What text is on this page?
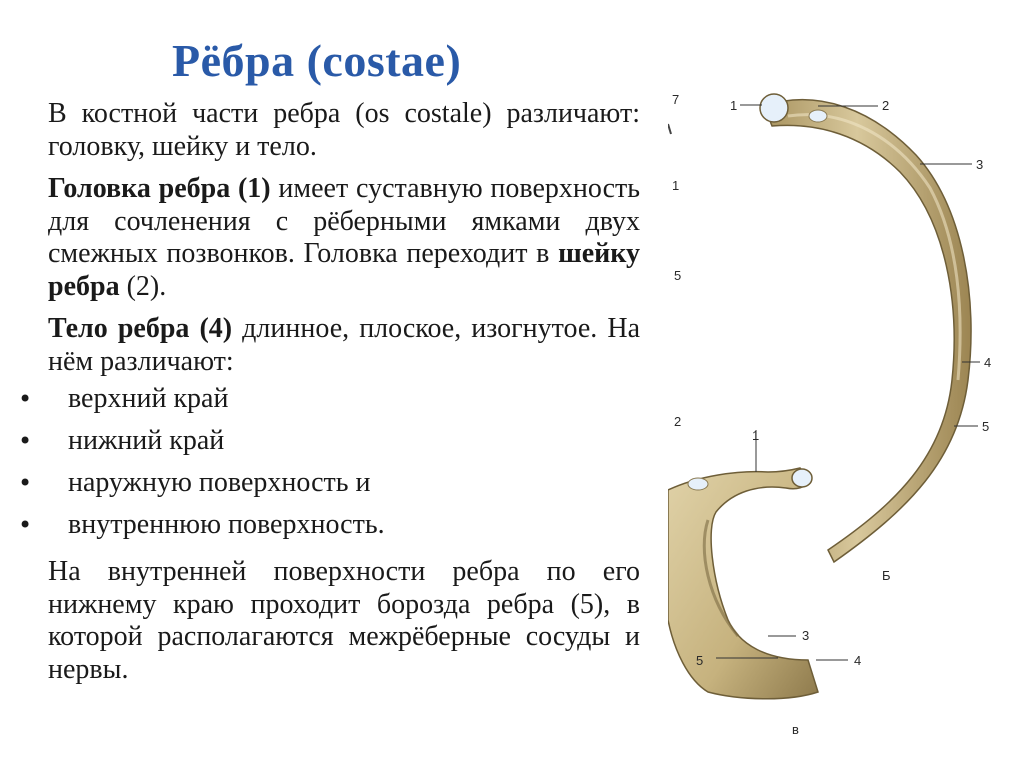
Рёбра (costae)

В костной части ребра (os costale) различают: головку, шейку и тело.

Головка ребра (1) имеет суставную поверхность для сочленения с рёберными ямками двух смежных позвонков. Головка переходит в шейку ребра (2).

Тело ребра (4) длинное, плоское, изогнутое. На нём различают:

• верхний край
• нижний край
• наружную поверхность и
• внутреннюю поверхность.

На внутренней поверхности ребра по его нижнему краю проходит борозда ребра (5), в которой располагаются межрёберные сосуды и нервы.

7
1
5
2
1	2
3
4
5
Б
1
3
4
5
в
